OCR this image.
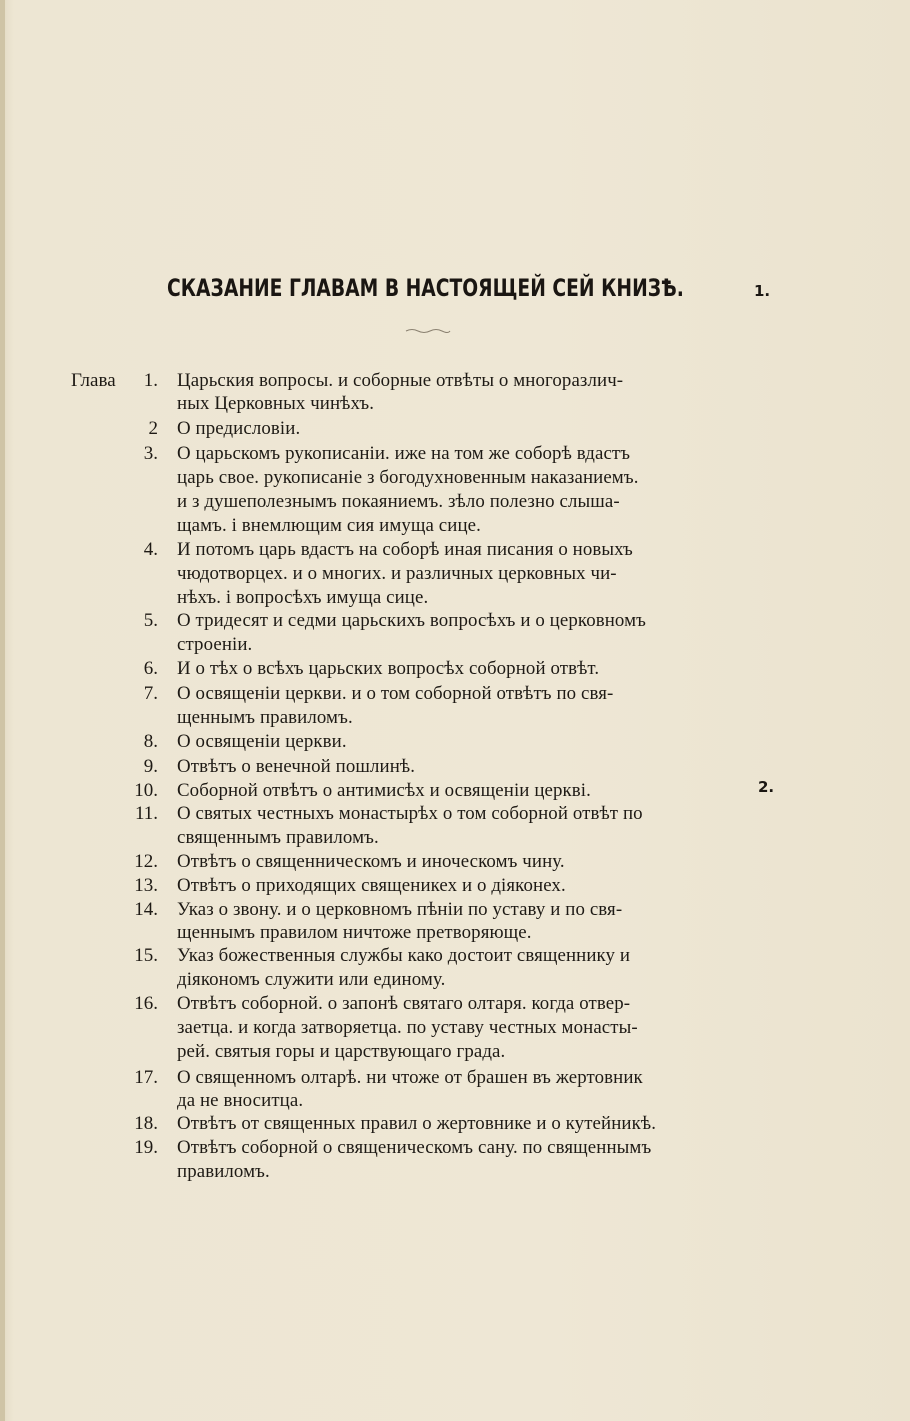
СКАЗАНИЕ ГЛАВАМ В НАСТОЯЩЕЙ СЕЙ КНИЗѢ.	1.
2.
Глава	1. Царьския вопросы. и соборные отвѣты о многоразлич-
ных Церковных чинѣхъ.
2 О предисловіи.
3. О царьскомъ рукописаніи. иже на том же соборѣ вдастъ
царь свое. рукописаніе з богодухновенным наказаниемъ.
и з душеполезнымъ покаяниемъ. зѣло полезно слыша-
щамъ. і внемлющим сия имуща сице.
4. И потомъ царь вдастъ на соборѣ иная писания о новыхъ
чюдотворцех. и о многих. и различных церковных чи-
нѣхъ. і вопросѣхъ имуща сице.
5. О тридесят и седми царьскихъ вопросѣхъ и о церковномъ
строеніи.
6. И о тѣх о всѣхъ царьских вопросѣх соборной отвѣт.
7. О освященіи церкви. и о том соборной отвѣтъ по свя-
щеннымъ правиломъ.
8. О освященіи церкви.
9. Отвѣтъ о венечной пошлинѣ.
10. Соборной отвѣтъ о антимисѣх и освященіи церкві.
11. О святых честныхъ монастырѣх о том соборной отвѣт по
священнымъ правиломъ.
12. Отвѣтъ о священническомъ и иноческомъ чину.
13. Отвѣтъ о приходящих священикех и о діяконех.
14. Указ о звону. и о церковномъ пѣніи по уставу и по свя-
щеннымъ правилом ничтоже претворяюще.
15. Указ божественныя службы како достоит священнику и
діякономъ служити или единому.
16. Отвѣтъ соборной. о запонѣ святаго олтаря. когда отвер-
заетца. и когда затворяетца. по уставу честных монасты-
рей. святыя горы и царствующаго града.
17. О священномъ олтарѣ. ни чтоже от брашен въ жертовник
да не вноситца.
18. Отвѣтъ от священных правил о жертовнике и о кутейникѣ.
19. Отвѣтъ соборной о священическомъ сану. по священнымъ
правиломъ.
